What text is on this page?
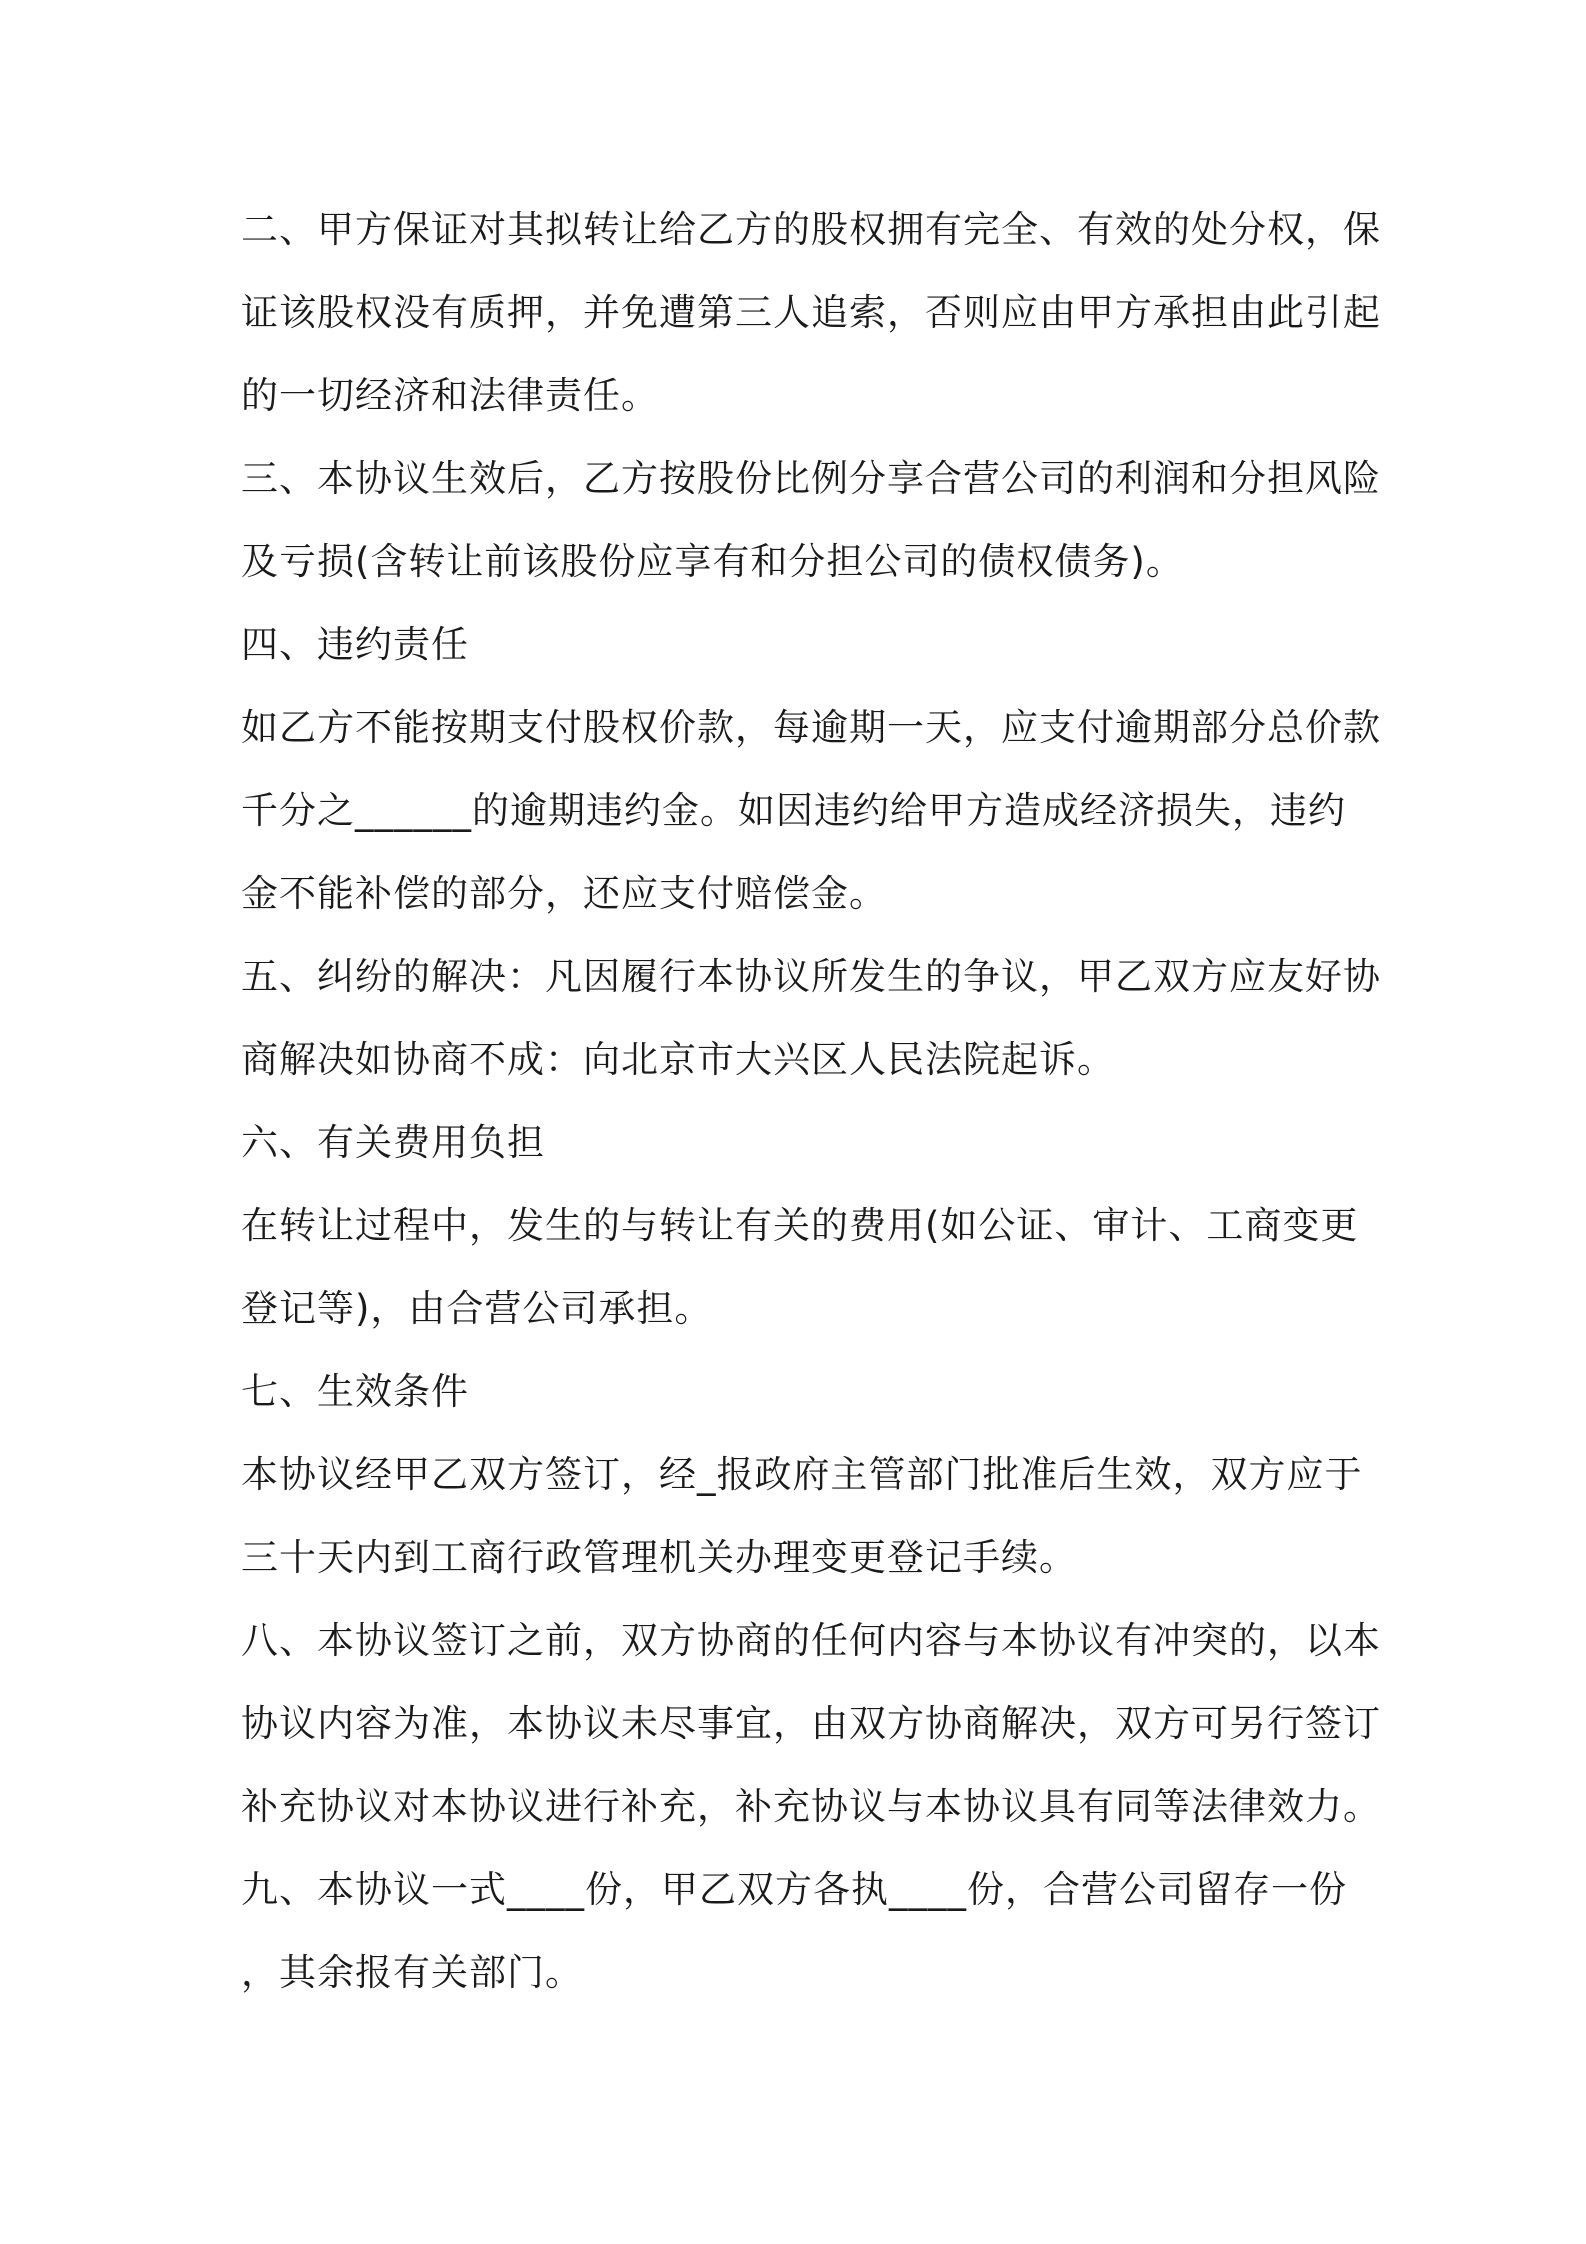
二、甲方保证对其拟转让给乙方的股权拥有完全、有效的处分权，保
证该股权没有质押，并免遭第三人追索，否则应由甲方承担由此引起
的一切经济和法律责任。
三、本协议生效后，乙方按股份比例分享合营公司的利润和分担风险
及亏损(含转让前该股份应享有和分担公司的债权债务)。
四、违约责任
如乙方不能按期支付股权价款，每逾期一天，应支付逾期部分总价款
千分之______的逾期违约金。如因违约给甲方造成经济损失，违约
金不能补偿的部分，还应支付赔偿金。
五、纠纷的解决：凡因履行本协议所发生的争议，甲乙双方应友好协
商解决如协商不成：向北京市大兴区人民法院起诉。
六、有关费用负担
在转让过程中，发生的与转让有关的费用(如公证、审计、工商变更
登记等)，由合营公司承担。
七、生效条件
本协议经甲乙双方签订，经_报政府主管部门批准后生效，双方应于
三十天内到工商行政管理机关办理变更登记手续。
八、本协议签订之前，双方协商的任何内容与本协议有冲突的，以本
协议内容为准，本协议未尽事宜，由双方协商解决，双方可另行签订
补充协议对本协议进行补充，补充协议与本协议具有同等法律效力。
九、本协议一式____份，甲乙双方各执____份，合营公司留存一份
，其余报有关部门。
